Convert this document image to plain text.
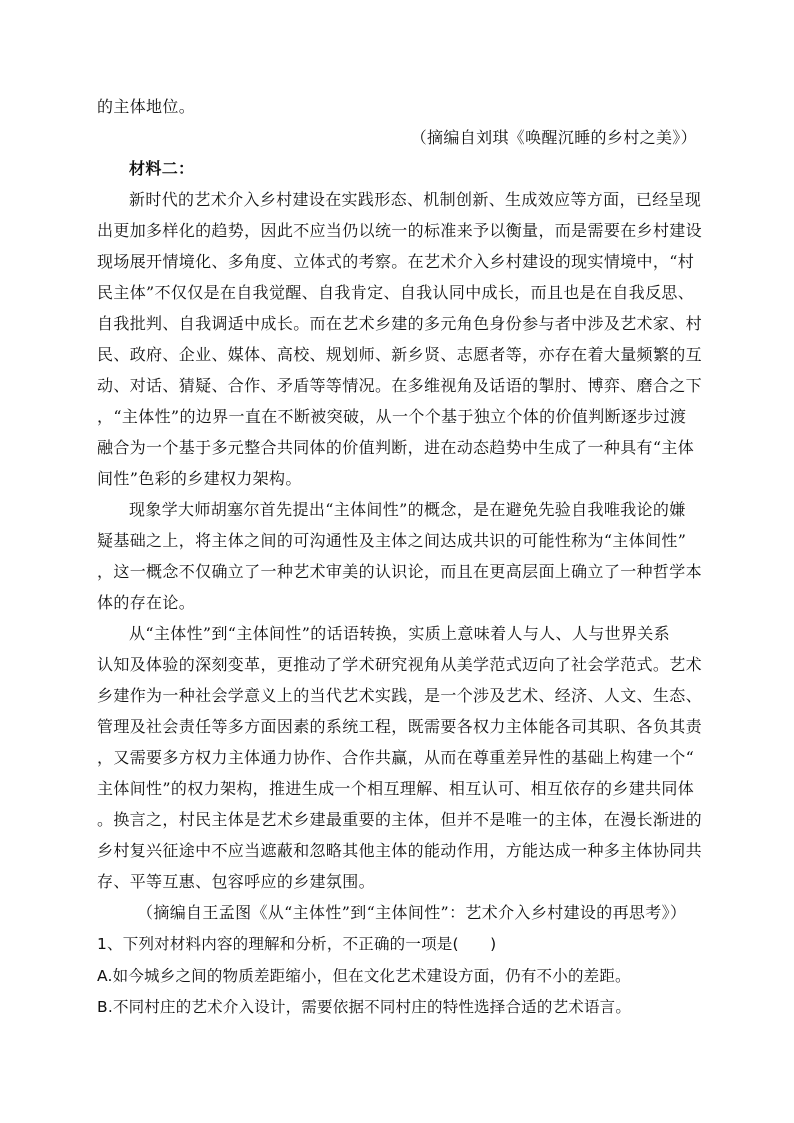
的主体地位。
（摘编自刘琪《唤醒沉睡的乡村之美》）
材料二：
新时代的艺术介入乡村建设在实践形态、机制创新、生成效应等方面，已经呈现
出更加多样化的趋势，因此不应当仍以统一的标准来予以衡量，而是需要在乡村建设
现场展开情境化、多角度、立体式的考察。在艺术介入乡村建设的现实情境中，“村
民主体”不仅仅是在自我觉醒、自我肯定、自我认同中成长，而且也是在自我反思、
自我批判、自我调适中成长。而在艺术乡建的多元角色身份参与者中涉及艺术家、村
民、政府、企业、媒体、高校、规划师、新乡贤、志愿者等，亦存在着大量频繁的互
动、对话、猜疑、合作、矛盾等等情况。在多维视角及话语的掣肘、博弈、磨合之下
，“主体性”的边界一直在不断被突破，从一个个基于独立个体的价值判断逐步过渡
融合为一个基于多元整合共同体的价值判断，进在动态趋势中生成了一种具有“主体
间性”色彩的乡建权力架构。
现象学大师胡塞尔首先提出“主体间性”的概念，是在避免先验自我唯我论的嫌
疑基础之上，将主体之间的可沟通性及主体之间达成共识的可能性称为“主体间性”
，这一概念不仅确立了一种艺术审美的认识论，而且在更高层面上确立了一种哲学本
体的存在论。
从“主体性”到“主体间性”的话语转换，实质上意味着人与人、人与世界关系
认知及体验的深刻变革，更推动了学术研究视角从美学范式迈向了社会学范式。艺术
乡建作为一种社会学意义上的当代艺术实践，是一个涉及艺术、经济、人文、生态、
管理及社会责任等多方面因素的系统工程，既需要各权力主体能各司其职、各负其责
，又需要多方权力主体通力协作、合作共赢，从而在尊重差异性的基础上构建一个“
主体间性”的权力架构，推进生成一个相互理解、相互认可、相互依存的乡建共同体
。换言之，村民主体是艺术乡建最重要的主体，但并不是唯一的主体，在漫长渐进的
乡村复兴征途中不应当遮蔽和忽略其他主体的能动作用，方能达成一种多主体协同共
存、平等互惠、包容呼应的乡建氛围。
（摘编自王孟图《从“主体性”到“主体间性”：艺术介入乡村建设的再思考》）
1、下列对材料内容的理解和分析，不正确的一项是(　　)
A.如今城乡之间的物质差距缩小，但在文化艺术建设方面，仍有不小的差距。
B.不同村庄的艺术介入设计，需要依据不同村庄的特性选择合适的艺术语言。
